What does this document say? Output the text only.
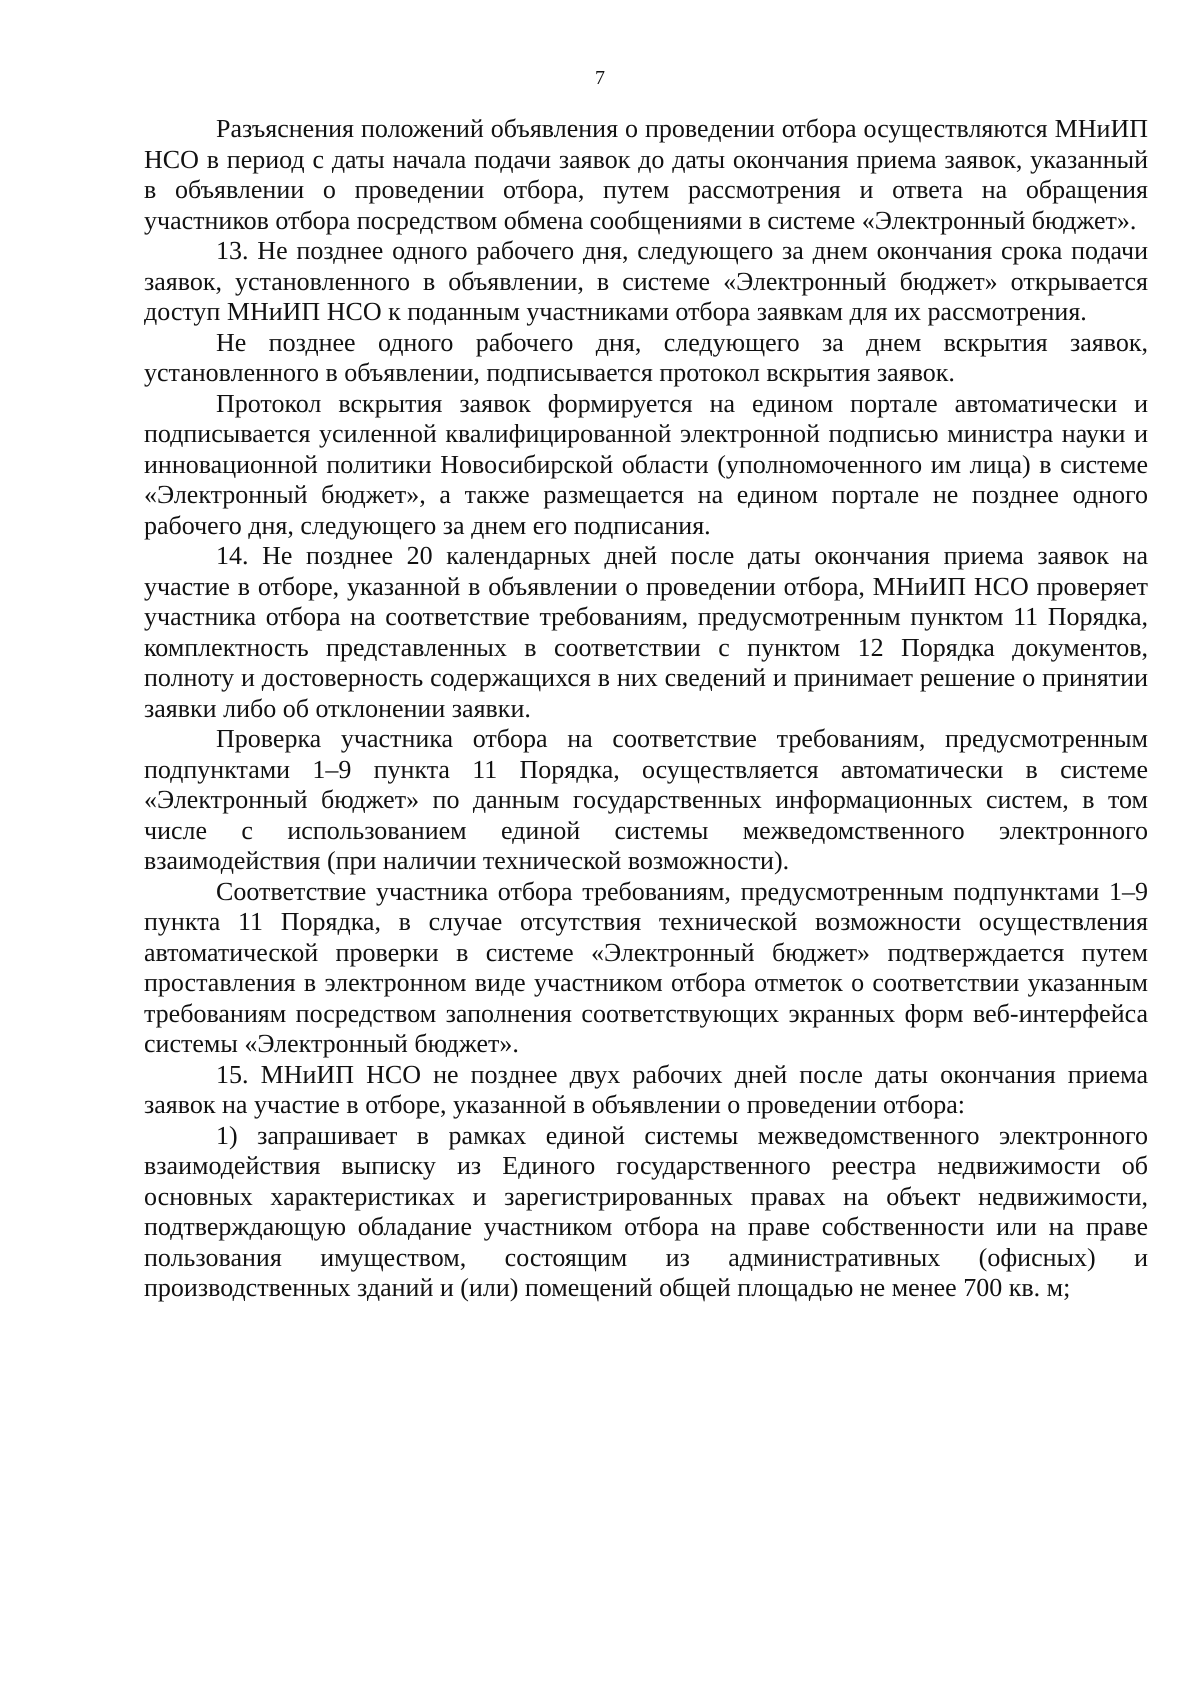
7

Разъяснения положений объявления о проведении отбора осуществляются МНиИП НСО в период с даты начала подачи заявок до даты окончания приема заявок, указанный в объявлении о проведении отбора, путем рассмотрения и ответа на обращения участников отбора посредством обмена сообщениями в системе «Электронный бюджет».

13. Не позднее одного рабочего дня, следующего за днем окончания срока подачи заявок, установленного в объявлении, в системе «Электронный бюджет» открывается доступ МНиИП НСО к поданным участниками отбора заявкам для их рассмотрения.

Не позднее одного рабочего дня, следующего за днем вскрытия заявок, установленного в объявлении, подписывается протокол вскрытия заявок.

Протокол вскрытия заявок формируется на едином портале автоматически и подписывается усиленной квалифицированной электронной подписью министра науки и инновационной политики Новосибирской области (уполномоченного им лица) в системе «Электронный бюджет», а также размещается на едином портале не позднее одного рабочего дня, следующего за днем его подписания.

14. Не позднее 20 календарных дней после даты окончания приема заявок на участие в отборе, указанной в объявлении о проведении отбора, МНиИП НСО проверяет участника отбора на соответствие требованиям, предусмотренным пунктом 11 Порядка, комплектность представленных в соответствии с пунктом 12 Порядка документов, полноту и достоверность содержащихся в них сведений и принимает решение о принятии заявки либо об отклонении заявки.

Проверка участника отбора на соответствие требованиям, предусмотренным подпунктами 1–9 пункта 11 Порядка, осуществляется автоматически в системе «Электронный бюджет» по данным государственных информационных систем, в том числе с использованием единой системы межведомственного электронного взаимодействия (при наличии технической возможности).

Соответствие участника отбора требованиям, предусмотренным подпунктами 1–9 пункта 11 Порядка, в случае отсутствия технической возможности осуществления автоматической проверки в системе «Электронный бюджет» подтверждается путем проставления в электронном виде участником отбора отметок о соответствии указанным требованиям посредством заполнения соответствующих экранных форм веб-интерфейса системы «Электронный бюджет».

15. МНиИП НСО не позднее двух рабочих дней после даты окончания приема заявок на участие в отборе, указанной в объявлении о проведении отбора:

1) запрашивает в рамках единой системы межведомственного электронного взаимодействия выписку из Единого государственного реестра недвижимости об основных характеристиках и зарегистрированных правах на объект недвижимости, подтверждающую обладание участником отбора на праве собственности или на праве пользования имуществом, состоящим из административных (офисных) и производственных зданий и (или) помещений общей площадью не менее 700 кв. м;
